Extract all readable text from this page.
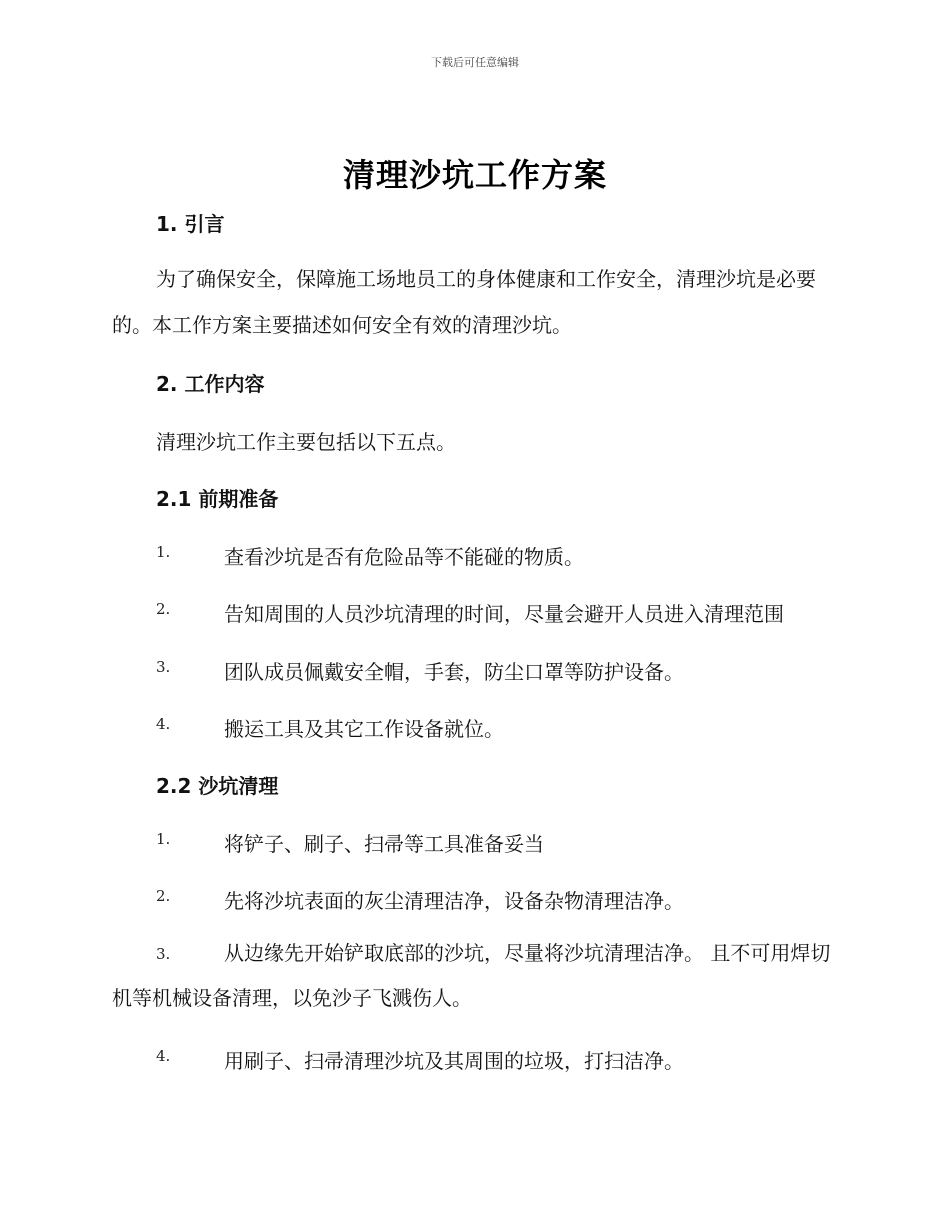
下载后可任意编辑
清理沙坑工作方案
1. 引言
为了确保安全，保障施工场地员工的身体健康和工作安全，清理沙坑是必要的。本工作方案主要描述如何安全有效的清理沙坑。
2. 工作内容
清理沙坑工作主要包括以下五点。
2.1 前期准备
1.	查看沙坑是否有危险品等不能碰的物质。
2.	告知周围的人员沙坑清理的时间，尽量会避开人员进入清理范围
3.	团队成员佩戴安全帽，手套，防尘口罩等防护设备。
4.	搬运工具及其它工作设备就位。
2.2 沙坑清理
1.	将铲子、刷子、扫帚等工具准备妥当
2.	先将沙坑表面的灰尘清理洁净，设备杂物清理洁净。
3.	从边缘先开始铲取底部的沙坑，尽量将沙坑清理洁净。 且不可用焊切机等机械设备清理，以免沙子飞溅伤人。
4.	用刷子、扫帚清理沙坑及其周围的垃圾，打扫洁净。
